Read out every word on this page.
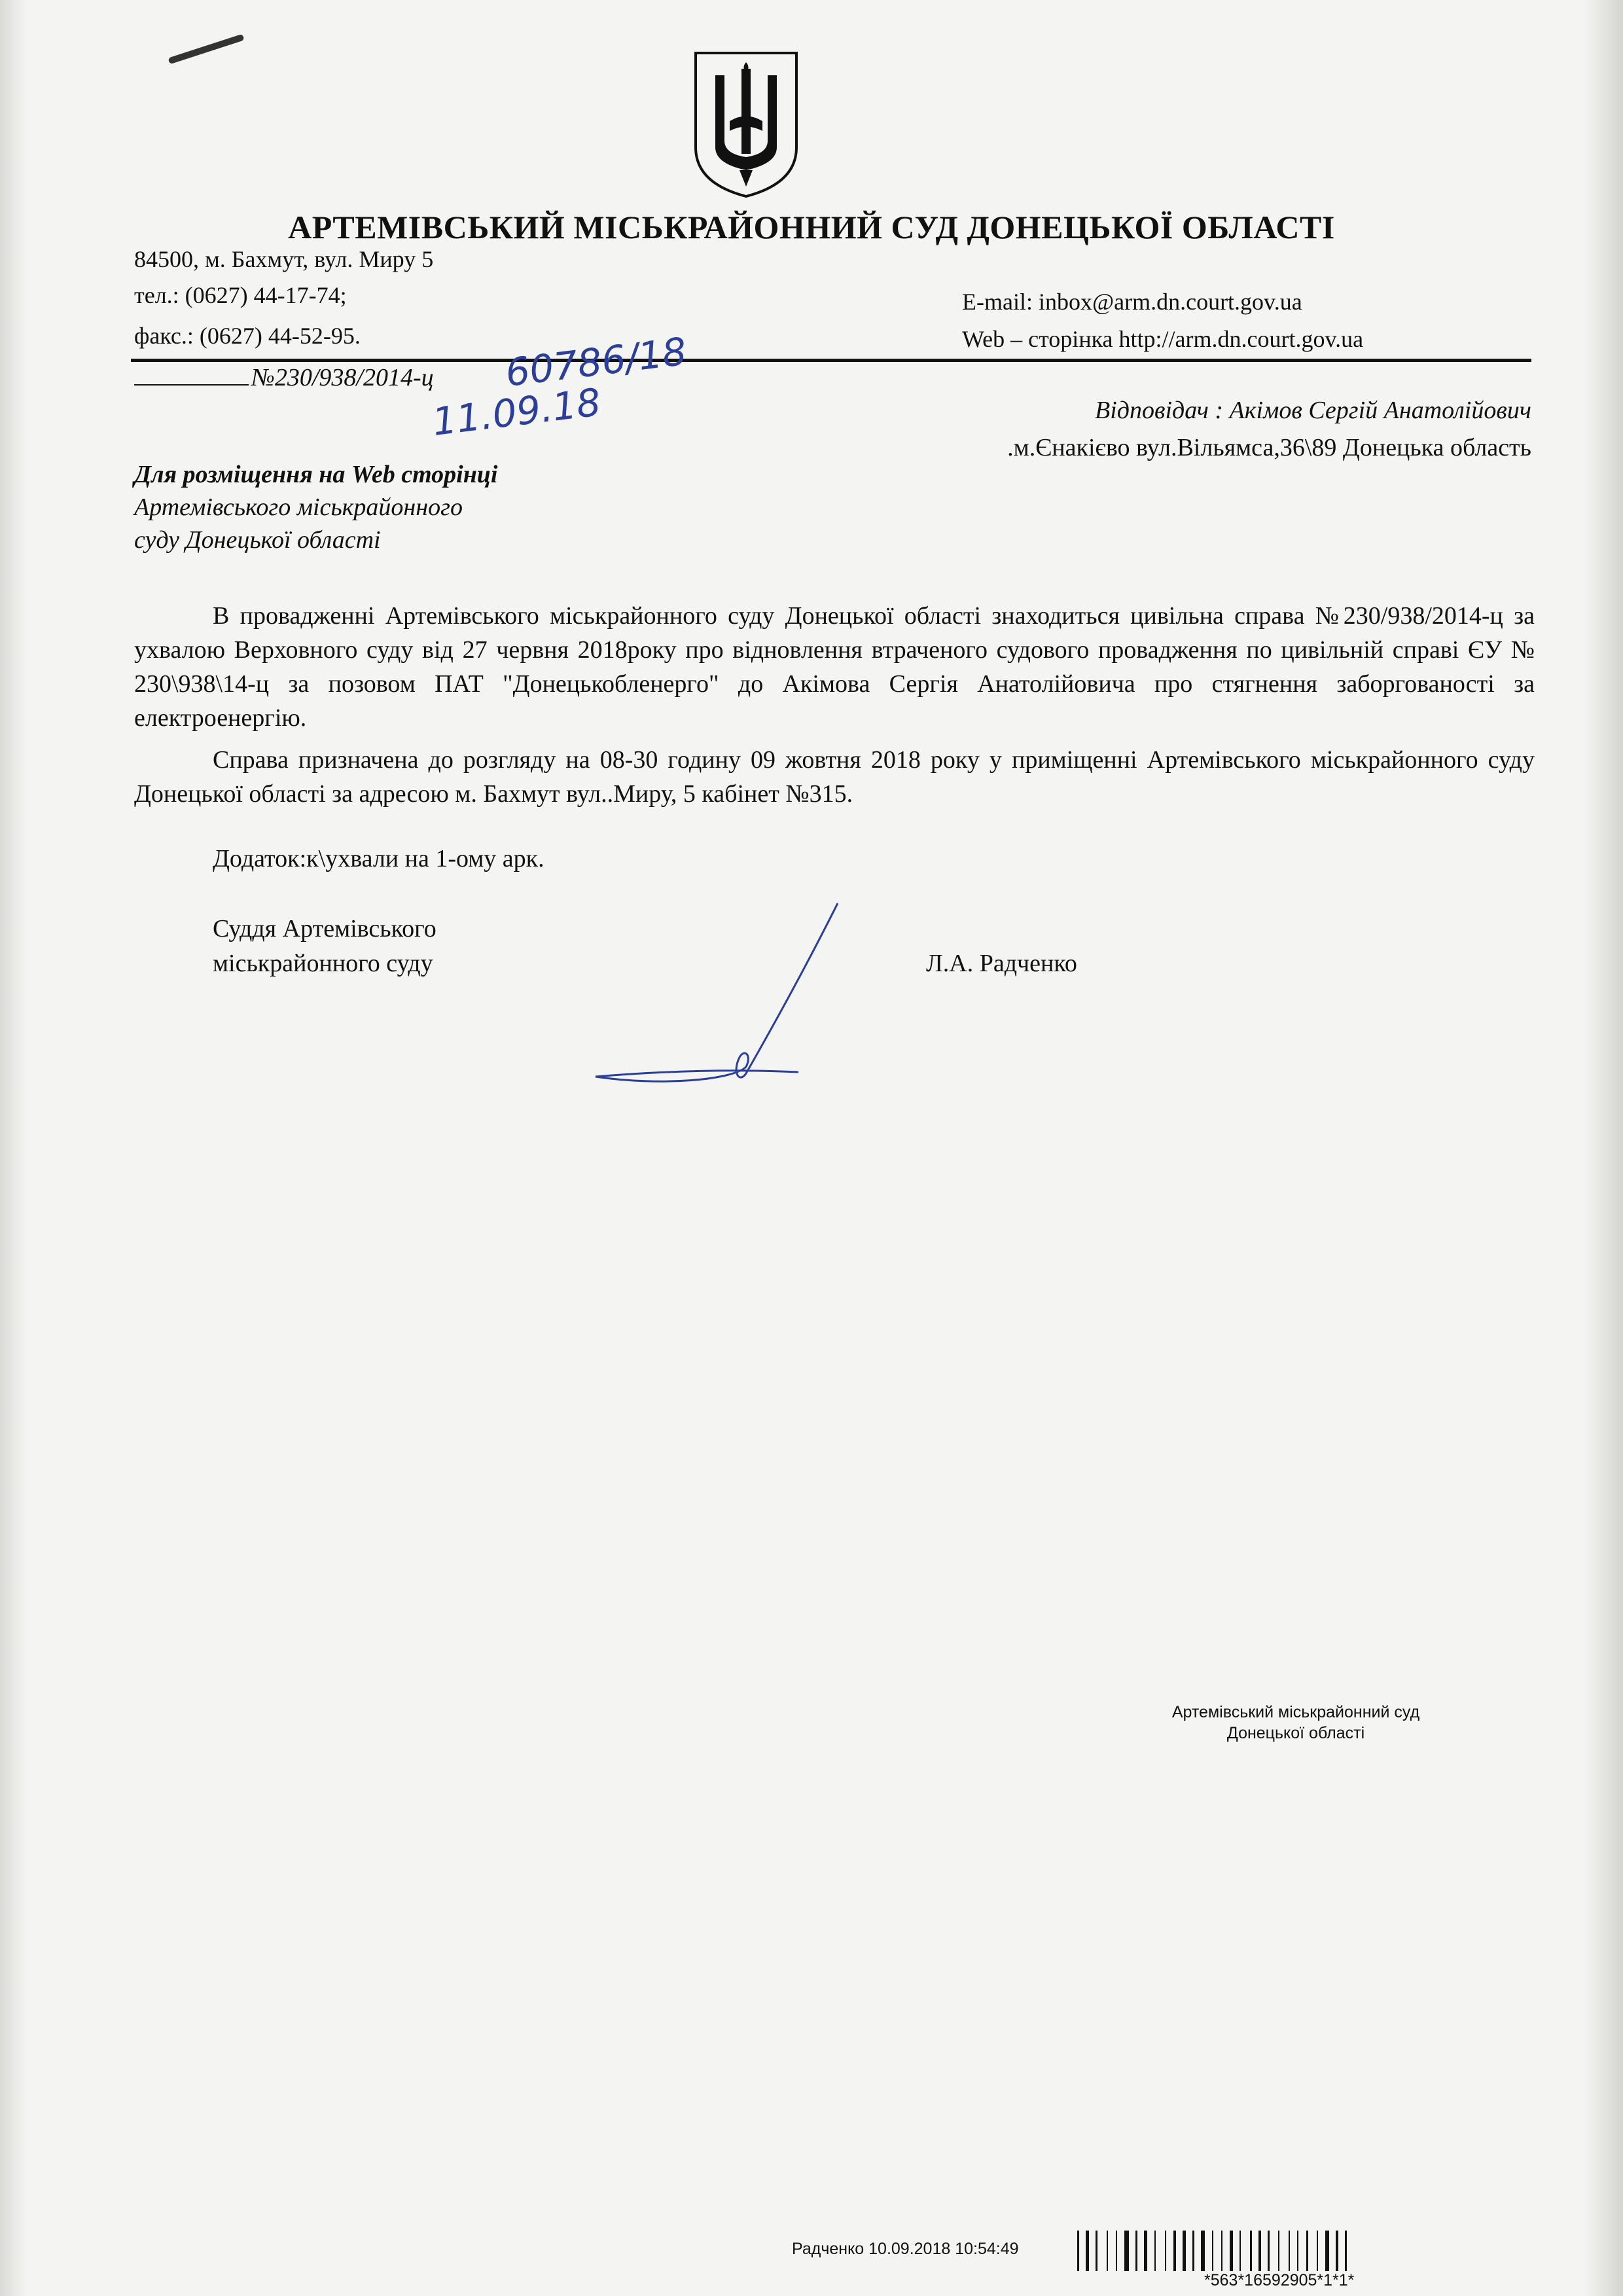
АРТЕМІВСЬКИЙ МІСЬКРАЙОННИЙ СУД ДОНЕЦЬКОЇ ОБЛАСТІ
84500, м. Бахмут, вул. Миру 5
тел.: (0627) 44-17-74;
факс.: (0627) 44-52-95.
E-mail: inbox@arm.dn.court.gov.ua
Web – сторінка http://arm.dn.court.gov.ua
№230/938/2014-ц 60786/18
11.09.18	Відповідач : Акімов Сергій Анатолійович
.м.Єнакієво вул.Вільямса,36\89 Донецька область
Для розміщення на Web сторінці
Артемівського міськрайонного
суду Донецької області
В провадженні Артемівського міськрайонного суду Донецької області знаходиться цивільна справа №230/938/2014-ц за ухвалою Верховного суду від 27 червня 2018року про відновлення втраченого судового провадження по цивільній справі ЄУ № 230\938\14-ц за позовом ПАТ "Донецькобленерго" до Акімова Сергія Анатолійовича про стягнення заборгованості за електроенергію.
Справа призначена до розгляду на 08-30 годину 09 жовтня 2018 року у приміщенні Артемівського міськрайонного суду Донецької області за адресою м. Бахмут вул..Миру, 5 кабінет №315.
Додаток:к\ухвали на 1-ому арк.
Суддя Артемівського
міськрайонного суду	Л.А. Радченко
Артемівський міськрайонний суд
Донецької області
Радченко 10.09.2018 10:54:49
*563*16592905*1*1*
